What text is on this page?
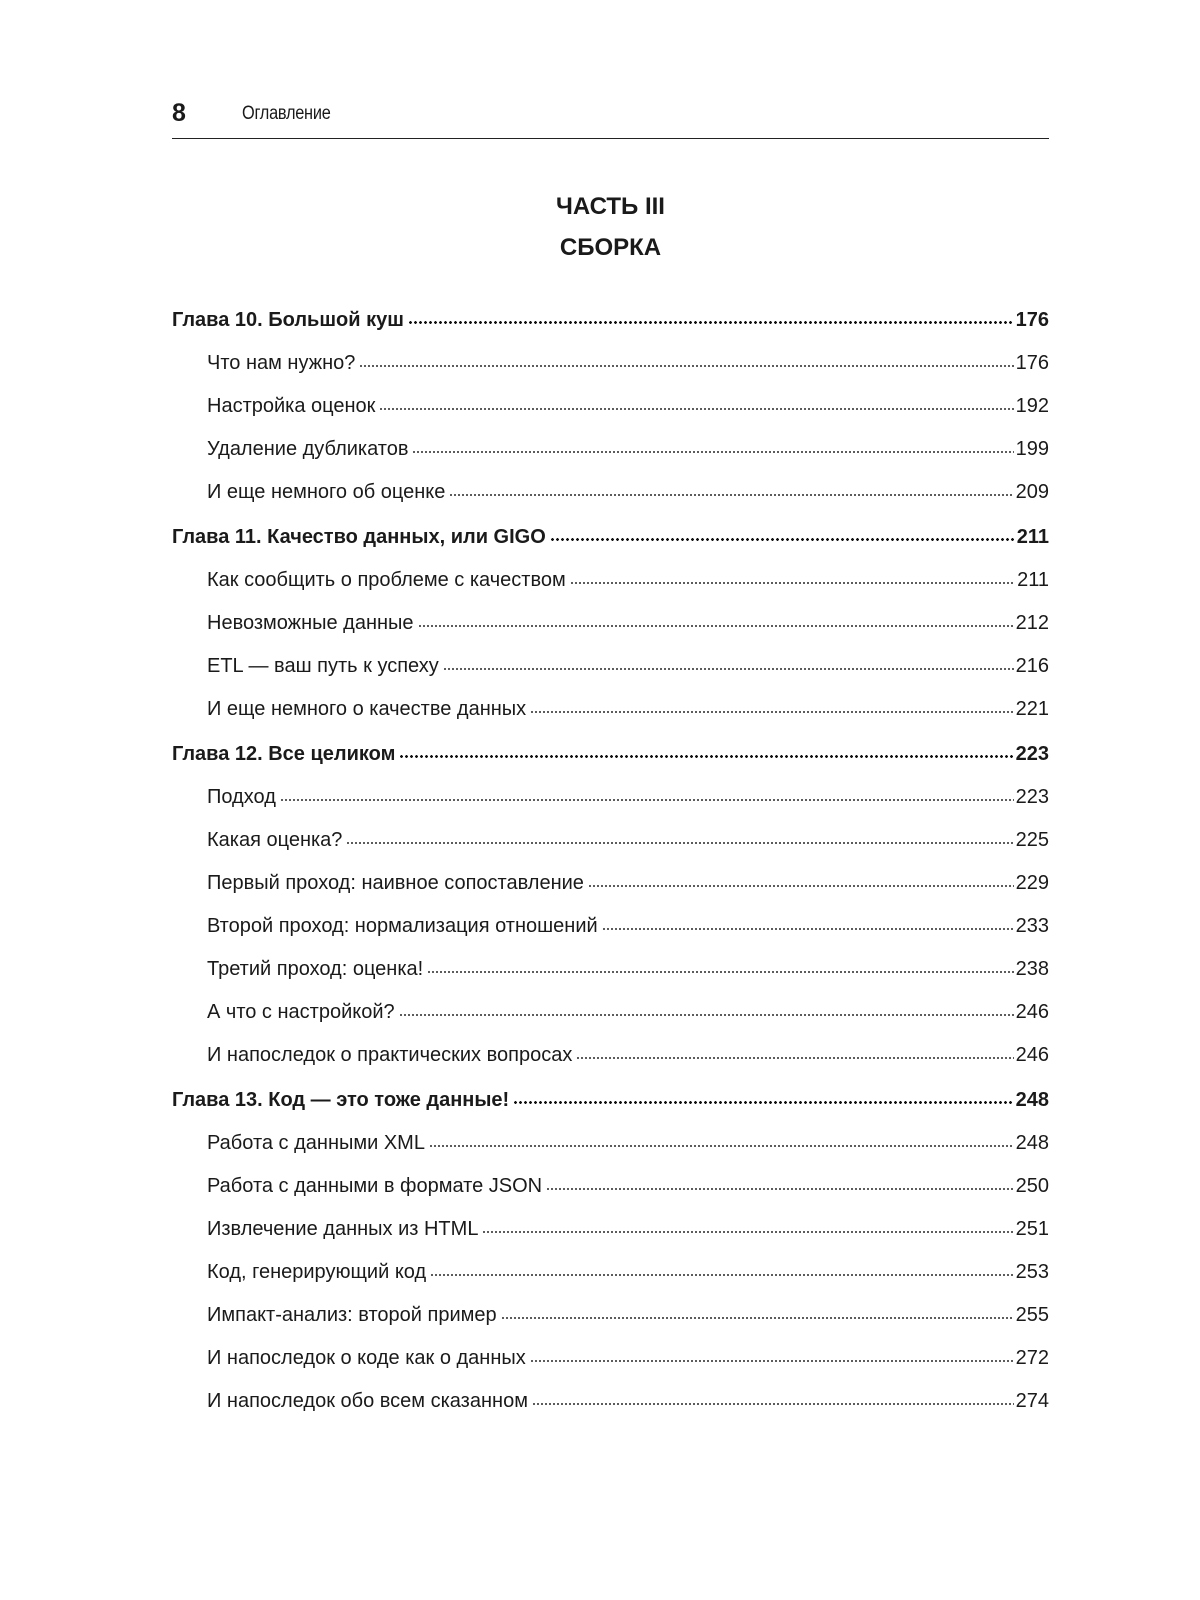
8	Оглавление
ЧАСТЬ III
СБОРКА
Глава 10. Большой куш	176
Что нам нужно?	176
Настройка оценок	192
Удаление дубликатов	199
И еще немного об оценке	209
Глава 11. Качество данных, или GIGO	211
Как сообщить о проблеме с качеством	211
Невозможные данные	212
ETL — ваш путь к успеху	216
И еще немного о качестве данных	221
Глава 12. Все целиком	223
Подход	223
Какая оценка?	225
Первый проход: наивное сопоставление	229
Второй проход: нормализация отношений	233
Третий проход: оценка!	238
А что с настройкой?	246
И напоследок о практических вопросах	246
Глава 13. Код — это тоже данные!	248
Работа с данными XML	248
Работа с данными в формате JSON	250
Извлечение данных из HTML	251
Код, генерирующий код	253
Импакт-анализ: второй пример	255
И напоследок о коде как о данных	272
И напоследок обо всем сказанном	274
